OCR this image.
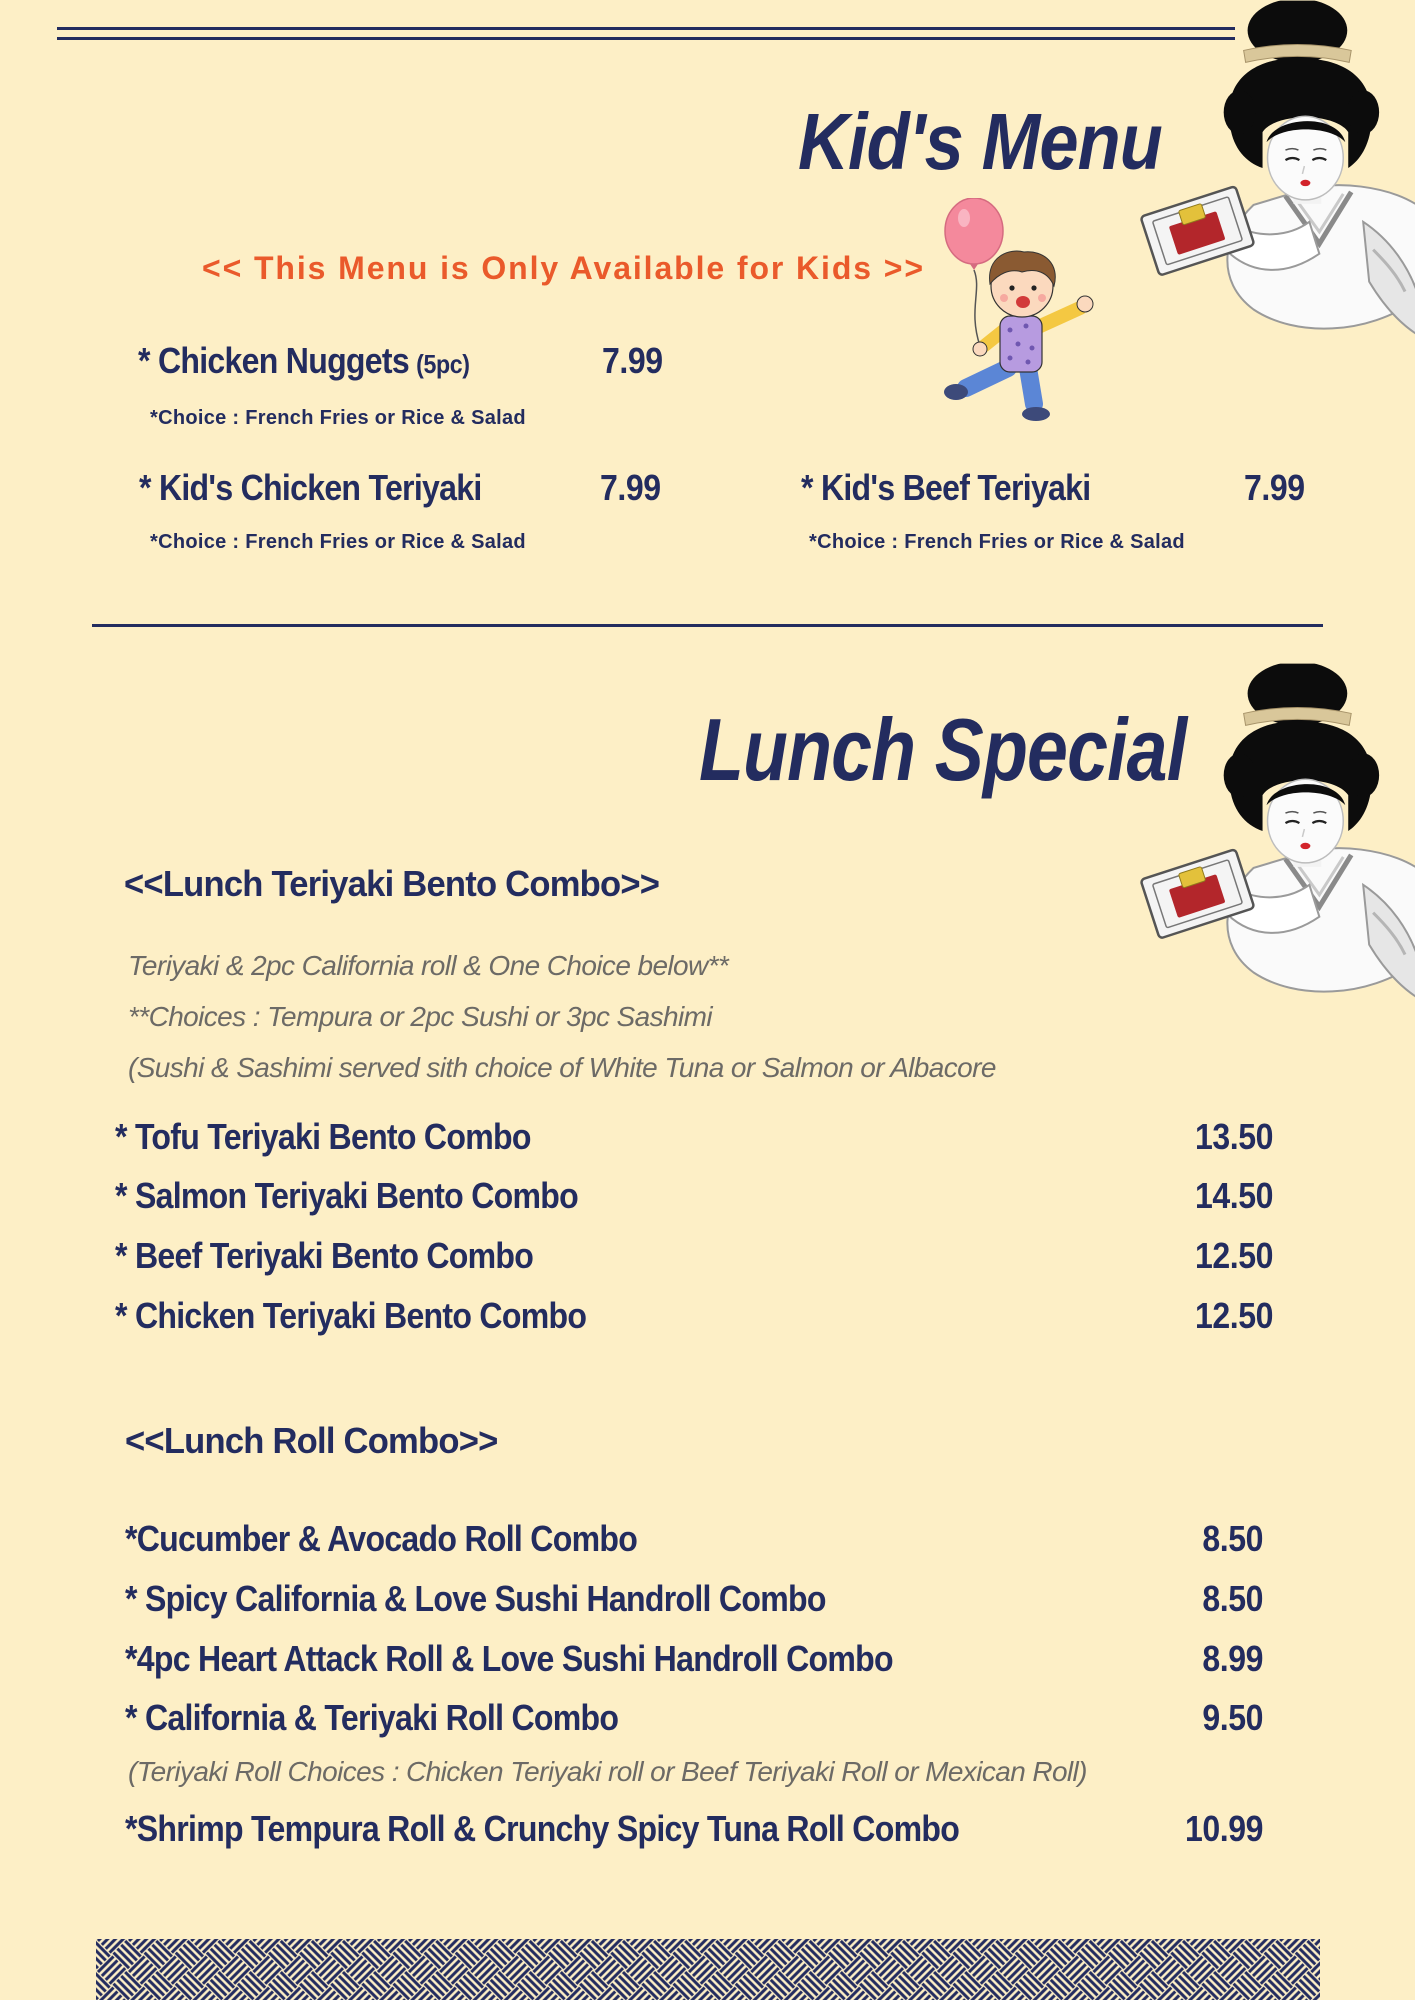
Kid's Menu
<< This Menu is Only Available for Kids >>
* Chicken Nuggets (5pc)	7.99
*Choice : French Fries or Rice & Salad
* Kid's Chicken Teriyaki	7.99
*Choice : French Fries or Rice & Salad
* Kid's Beef Teriyaki	7.99
*Choice : French Fries or Rice & Salad
Lunch Special
<<Lunch Teriyaki Bento Combo>>
Teriyaki & 2pc California roll & One Choice below**
**Choices : Tempura or 2pc Sushi or 3pc Sashimi
(Sushi & Sashimi served sith choice of White Tuna or Salmon or Albacore
* Tofu Teriyaki Bento Combo	13.50
* Salmon Teriyaki Bento Combo	14.50
* Beef Teriyaki Bento Combo	12.50
* Chicken Teriyaki Bento Combo	12.50
<<Lunch Roll Combo>>
*Cucumber & Avocado Roll Combo	8.50
* Spicy California & Love Sushi Handroll Combo	8.50
*4pc Heart Attack Roll & Love Sushi Handroll Combo	8.99
* California & Teriyaki Roll Combo	9.50
(Teriyaki Roll Choices : Chicken Teriyaki roll or Beef Teriyaki Roll or Mexican Roll)
*Shrimp Tempura Roll & Crunchy Spicy Tuna Roll Combo	10.99
